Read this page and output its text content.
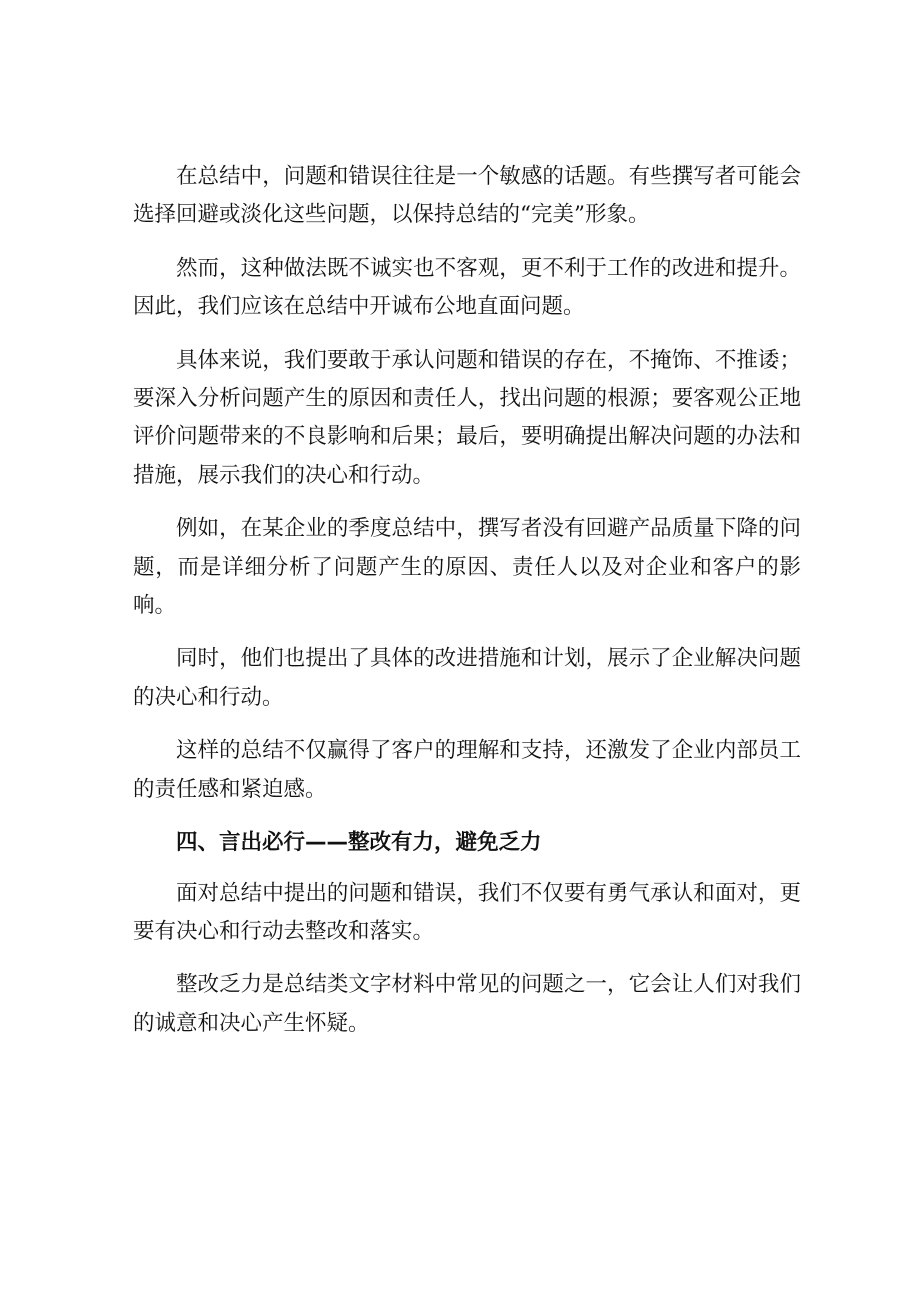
在总结中，问题和错误往往是一个敏感的话题。有些撰写者可能会选择回避或淡化这些问题，以保持总结的“完美”形象。

然而，这种做法既不诚实也不客观，更不利于工作的改进和提升。因此，我们应该在总结中开诚布公地直面问题。

具体来说，我们要敢于承认问题和错误的存在，不掩饰、不推诿；要深入分析问题产生的原因和责任人，找出问题的根源；要客观公正地评价问题带来的不良影响和后果；最后，要明确提出解决问题的办法和措施，展示我们的决心和行动。

例如，在某企业的季度总结中，撰写者没有回避产品质量下降的问题，而是详细分析了问题产生的原因、责任人以及对企业和客户的影响。

同时，他们也提出了具体的改进措施和计划，展示了企业解决问题的决心和行动。

这样的总结不仅赢得了客户的理解和支持，还激发了企业内部员工的责任感和紧迫感。

四、言出必行——整改有力，避免乏力

面对总结中提出的问题和错误，我们不仅要有勇气承认和面对，更要有决心和行动去整改和落实。

整改乏力是总结类文字材料中常见的问题之一，它会让人们对我们的诚意和决心产生怀疑。
